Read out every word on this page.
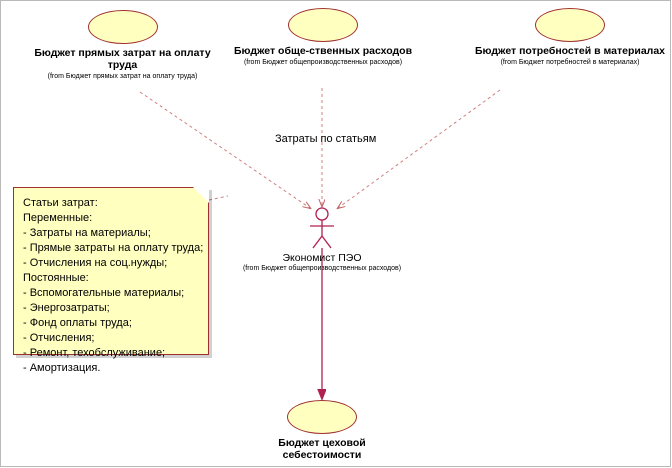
Бюджет прямых затрат на оплату
труда
(from Бюджет прямых затрат на оплату труда)
Бюджет обще-ственных расходов
(from Бюджет общепроизводственных расходов)
Бюджет потребностей в материалах
(from Бюджет потребностей в материалах)
Экономист ПЭО
(from Бюджет общепроизводственных расходов)
Бюджет цеховой
себестоимости
Затраты по статьям
Статьи затрат:
Переменные:
- Затраты на материалы;
- Прямые затраты на оплату труда;
- Отчисления на соц.нужды;
Постоянные:
- Вспомогательные материалы;
- Энергозатраты;
- Фонд оплаты труда;
- Отчисления;
- Ремонт, техобслуживание;
- Амортизация.
